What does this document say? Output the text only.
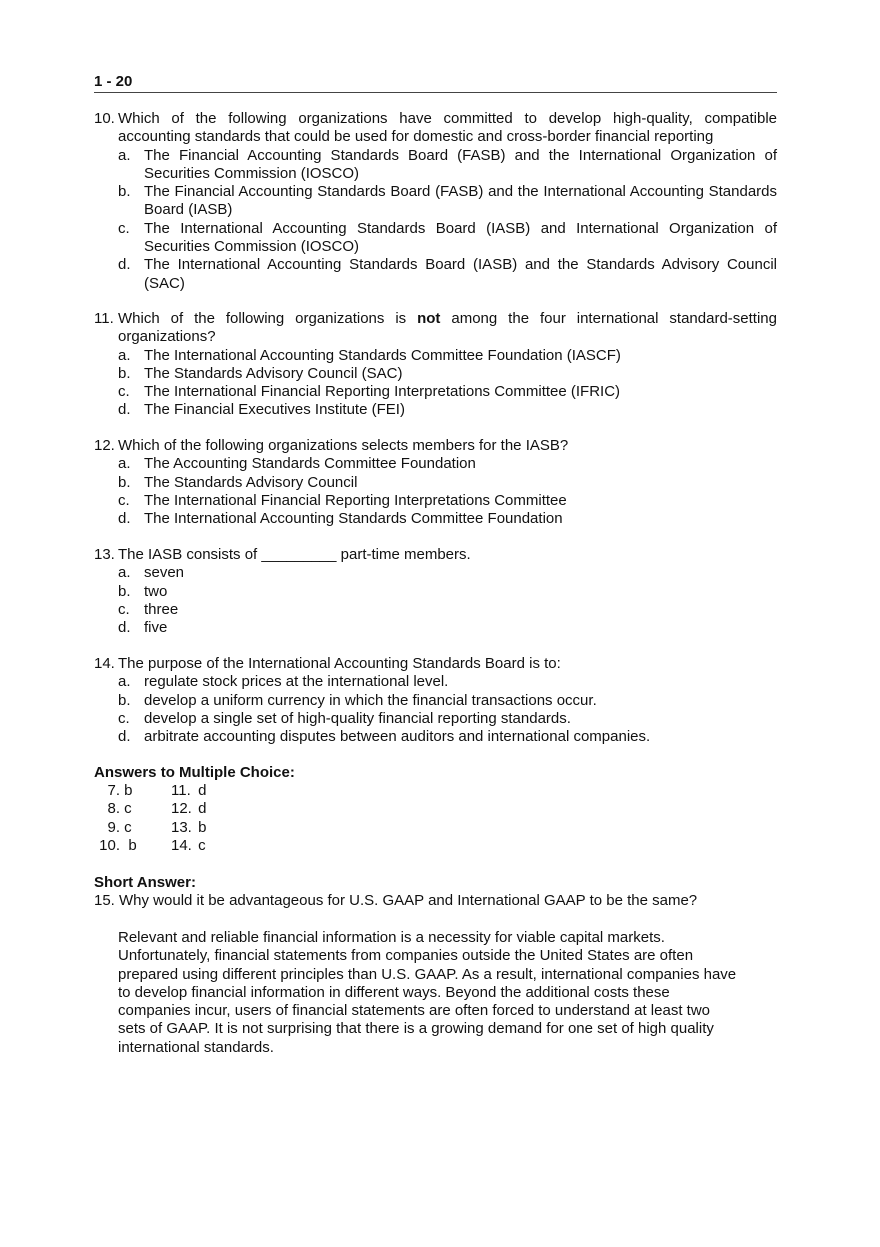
1 - 20
10. Which of the following organizations have committed to develop high-quality, compatible accounting standards that could be used for domestic and cross-border financial reporting
a. The Financial Accounting Standards Board (FASB) and the International Organization of Securities Commission (IOSCO)
b. The Financial Accounting Standards Board (FASB) and the International Accounting Standards Board (IASB)
c. The International Accounting Standards Board (IASB) and International Organization of Securities Commission (IOSCO)
d. The International Accounting Standards Board (IASB) and the Standards Advisory Council (SAC)
11. Which of the following organizations is not among the four international standard-setting organizations?
a. The International Accounting Standards Committee Foundation (IASCF)
b. The Standards Advisory Council (SAC)
c. The International Financial Reporting Interpretations Committee (IFRIC)
d. The Financial Executives Institute (FEI)
12. Which of the following organizations selects members for the IASB?
a. The Accounting Standards Committee Foundation
b. The Standards Advisory Council
c. The International Financial Reporting Interpretations Committee
d. The International Accounting Standards Committee Foundation
13. The IASB consists of _________ part-time members.
a. seven
b. two
c. three
d. five
14. The purpose of the International Accounting Standards Board is to:
a. regulate stock prices at the international level.
b. develop a uniform currency in which the financial transactions occur.
c. develop a single set of high-quality financial reporting standards.
d. arbitrate accounting disputes between auditors and international companies.
Answers to Multiple Choice:
7. b	11. d
8. c	12. d
9. c	13. b
10. b	14. c
Short Answer:
15. Why would it be advantageous for U.S. GAAP and International GAAP to be the same?
Relevant and reliable financial information is a necessity for viable capital markets.
Unfortunately, financial statements from companies outside the United States are often
prepared using different principles than U.S. GAAP. As a result, international companies have
to develop financial information in different ways. Beyond the additional costs these
companies incur, users of financial statements are often forced to understand at least two
sets of GAAP. It is not surprising that there is a growing demand for one set of high quality
international standards.
